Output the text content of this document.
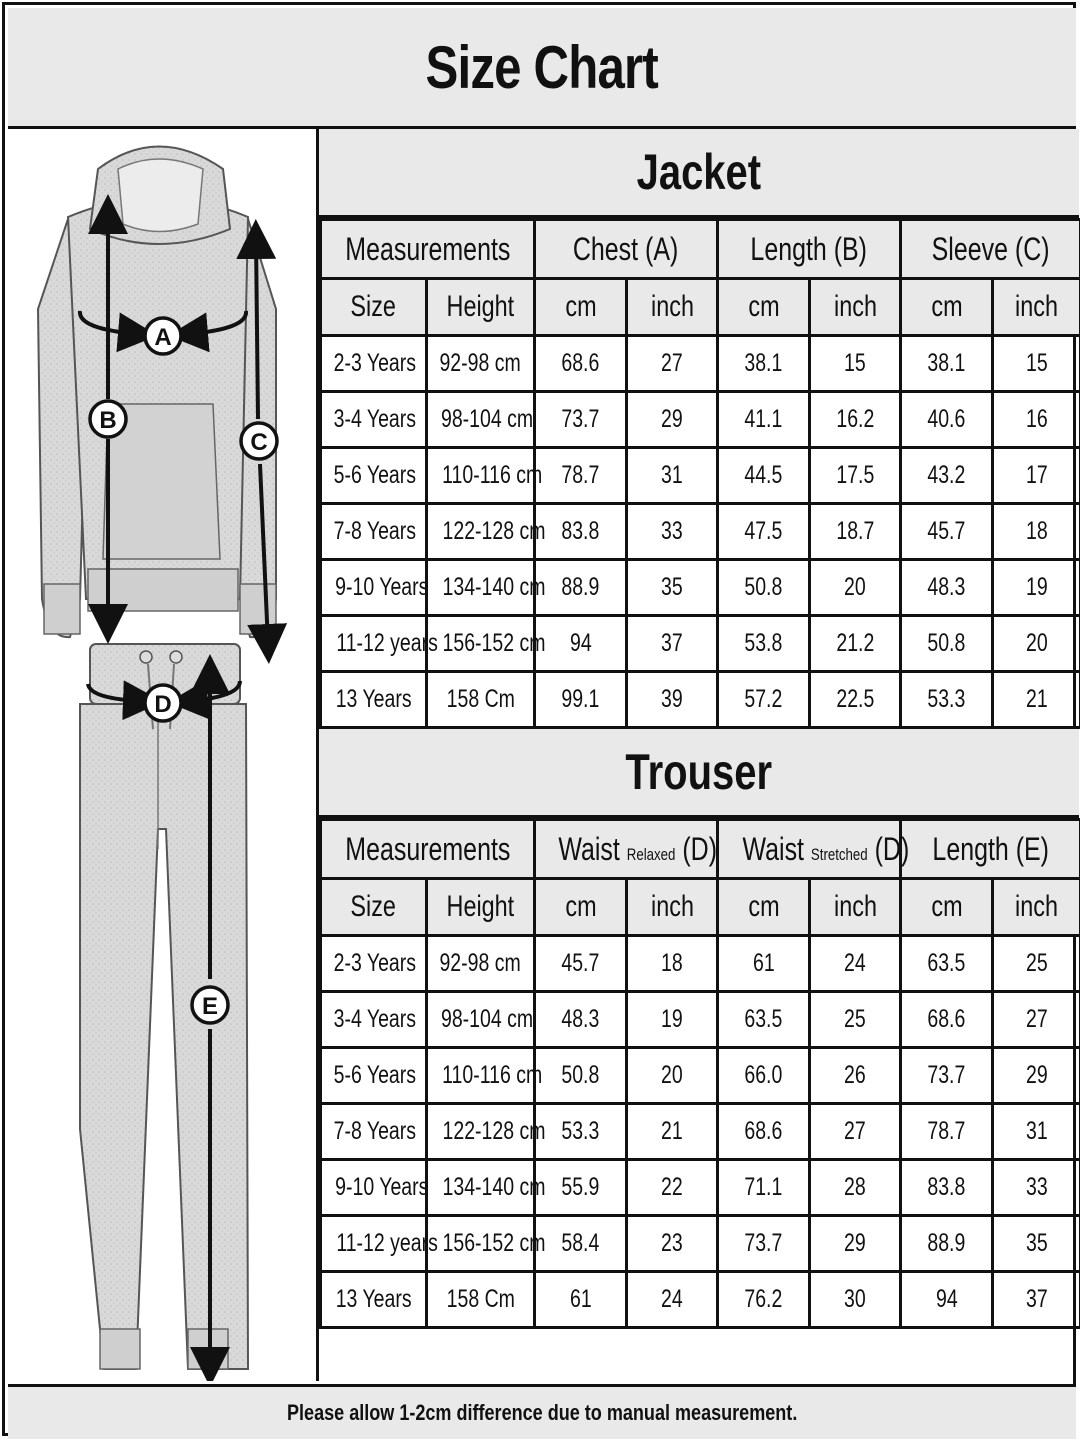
Size Chart
A
B
C
D
E
Jacket
Measurements		Chest (A)		Length (B)		Sleeve (C)	
Size	Height	cm	inch	cm	inch	cm	inch
2-3 Years	92-98 cm	68.6	27	38.1	15	38.1	15
3-4 Years	98-104 cm	73.7	29	41.1	16.2	40.6	16
5-6 Years	110-116 cm	78.7	31	44.5	17.5	43.2	17
7-8 Years	122-128 cm	83.8	33	47.5	18.7	45.7	18
9-10 Years	134-140 cm	88.9	35	50.8	20	48.3	19
11-12 years	156-152 cm	94	37	53.8	21.2	50.8	20
13 Years	158 Cm	99.1	39	57.2	22.5	53.3	21
Trouser
Measurements		Waist Relaxed (D)		Waist Stretched (D)		Length (E)	
Size	Height	cm	inch	cm	inch	cm	inch
2-3 Years	92-98 cm	45.7	18	61	24	63.5	25
3-4 Years	98-104 cm	48.3	19	63.5	25	68.6	27
5-6 Years	110-116 cm	50.8	20	66.0	26	73.7	29
7-8 Years	122-128 cm	53.3	21	68.6	27	78.7	31
9-10 Years	134-140 cm	55.9	22	71.1	28	83.8	33
11-12 years	156-152 cm	58.4	23	73.7	29	88.9	35
13 Years	158 Cm	61	24	76.2	30	94	37
Please allow 1-2cm difference due to manual measurement.
